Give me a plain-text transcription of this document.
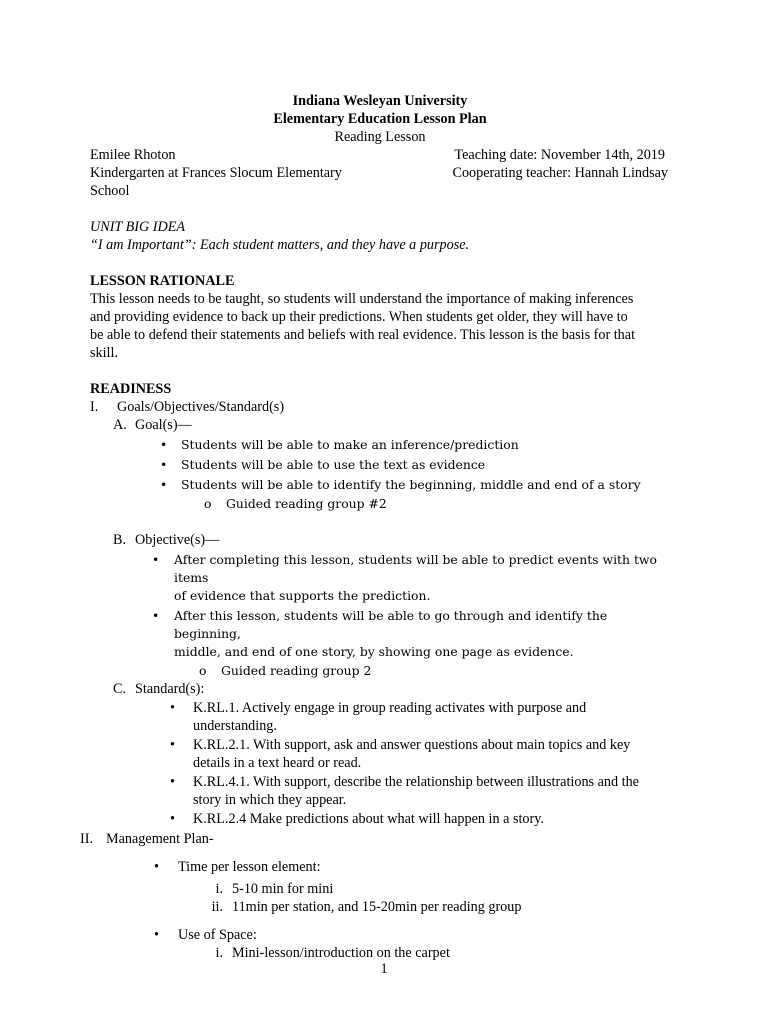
Indiana Wesleyan University
Elementary Education Lesson Plan
Reading Lesson
Emilee Rhoton	Teaching date: November 14th, 2019
Kindergarten at Frances Slocum Elementary	Cooperating teacher: Hannah Lindsay
School
UNIT BIG IDEA
“I am Important”: Each student matters, and they have a purpose.
LESSON RATIONALE
This lesson needs to be taught, so students will understand the importance of making inferences
and providing evidence to back up their predictions. When students get older, they will have to
be able to defend their statements and beliefs with real evidence. This lesson is the basis for that
skill.
READINESS
I.	Goals/Objectives/Standard(s)
A. Goal(s)—
•	Students will be able to make an inference/prediction
•	Students will be able to use the text as evidence
•	Students will be able to identify the beginning, middle and end of a story
o	Guided reading group #2
B. Objective(s)—
•	After completing this lesson, students will be able to predict events with two items
of evidence that supports the prediction.
•	After this lesson, students will be able to go through and identify the beginning,
middle, and end of one story, by showing one page as evidence.
o	Guided reading group 2
C. Standard(s):
•	K.RL.1. Actively engage in group reading activates with purpose and
understanding.
•	K.RL.2.1. With support, ask and answer questions about main topics and key
details in a text heard or read.
•	K.RL.4.1. With support, describe the relationship between illustrations and the
story in which they appear.
•	K.RL.2.4 Make predictions about what will happen in a story.
II. Management Plan-
•	Time per lesson element:
i. 5-10 min for mini
ii. 11min per station, and 15-20min per reading group
•	Use of Space:
i. Mini-lesson/introduction on the carpet
1
